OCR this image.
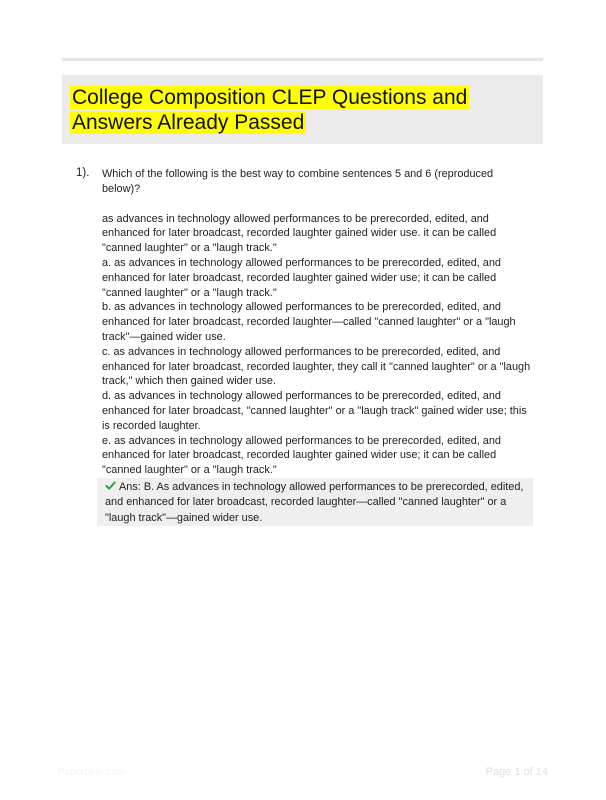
College Composition CLEP Questions and Answers Already Passed
1). Which of the following is the best way to combine sentences 5 and 6 (reproduced below)?

as advances in technology allowed performances to be prerecorded, edited, and enhanced for later broadcast, recorded laughter gained wider use. it can be called "canned laughter" or a "laugh track."

a. as advances in technology allowed performances to be prerecorded, edited, and enhanced for later broadcast, recorded laughter gained wider use; it can be called "canned laughter" or a "laugh track."

b. as advances in technology allowed performances to be prerecorded, edited, and enhanced for later broadcast, recorded laughter—called "canned laughter" or a "laugh track"—gained wider use.

c. as advances in technology allowed performances to be prerecorded, edited, and enhanced for later broadcast, recorded laughter, they call it "canned laughter" or a "laugh track," which then gained wider use.

d. as advances in technology allowed performances to be prerecorded, edited, and enhanced for later broadcast, "canned laughter" or a "laugh track" gained wider use; this is recorded laughter.

e. as advances in technology allowed performances to be prerecorded, edited, and enhanced for later broadcast, recorded laughter gained wider use; it can be called "canned laughter" or a "laugh track."

Ans: B. As advances in technology allowed performances to be prerecorded, edited, and enhanced for later broadcast, recorded laughter—called "canned laughter" or a "laugh track"—gained wider use.
Paperblue.com	Page 1 of 14
